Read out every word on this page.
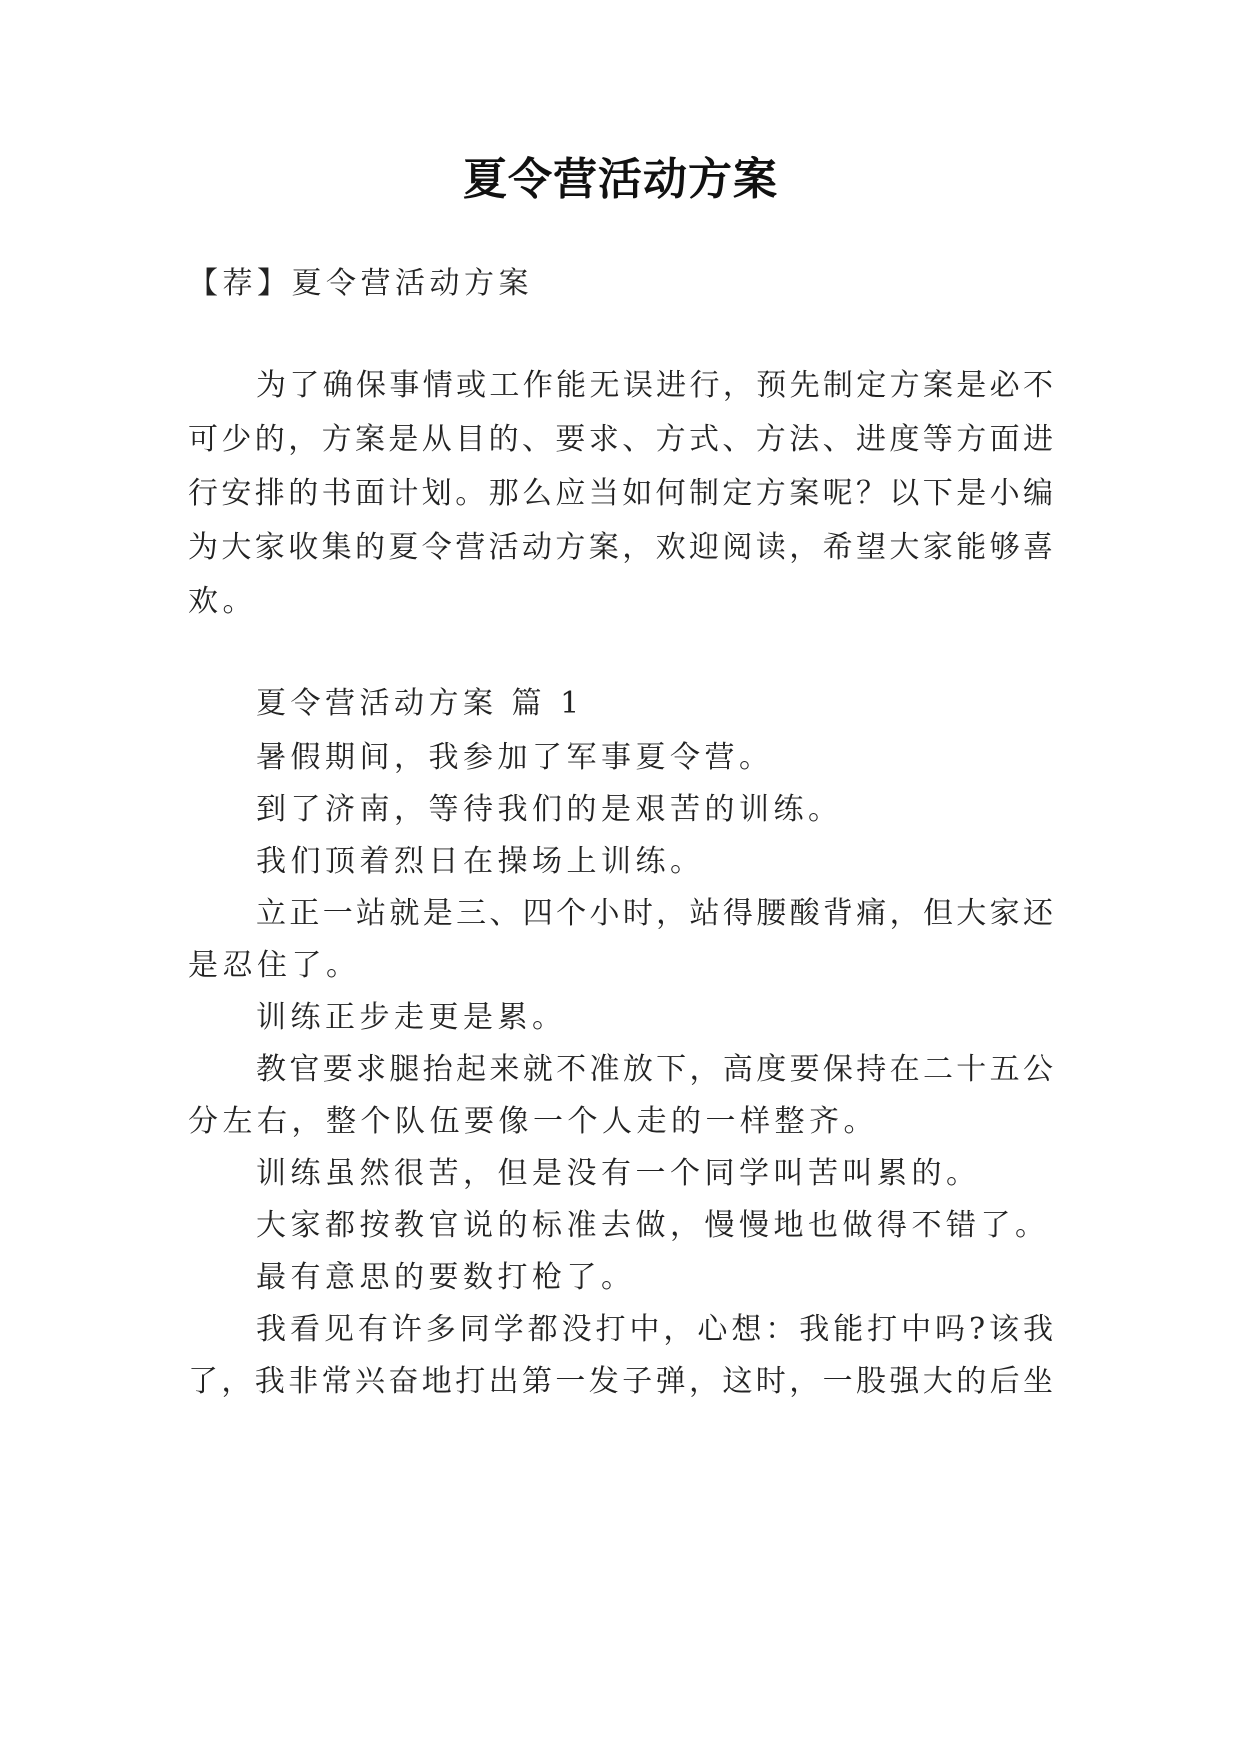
夏令营活动方案
【荐】夏令营活动方案
为了确保事情或工作能无误进行，预先制定方案是必不
可少的，方案是从目的、要求、方式、方法、进度等方面进
行安排的书面计划。那么应当如何制定方案呢？以下是小编
为大家收集的夏令营活动方案，欢迎阅读，希望大家能够喜
欢。
夏令营活动方案 篇 1
暑假期间，我参加了军事夏令营。
到了济南，等待我们的是艰苦的训练。
我们顶着烈日在操场上训练。
立正一站就是三、四个小时，站得腰酸背痛，但大家还
是忍住了。
训练正步走更是累。
教官要求腿抬起来就不准放下，高度要保持在二十五公
分左右，整个队伍要像一个人走的一样整齐。
训练虽然很苦，但是没有一个同学叫苦叫累的。
大家都按教官说的标准去做，慢慢地也做得不错了。
最有意思的要数打枪了。
我看见有许多同学都没打中，心想：我能打中吗?该我
了，我非常兴奋地打出第一发子弹，这时，一股强大的后坐
